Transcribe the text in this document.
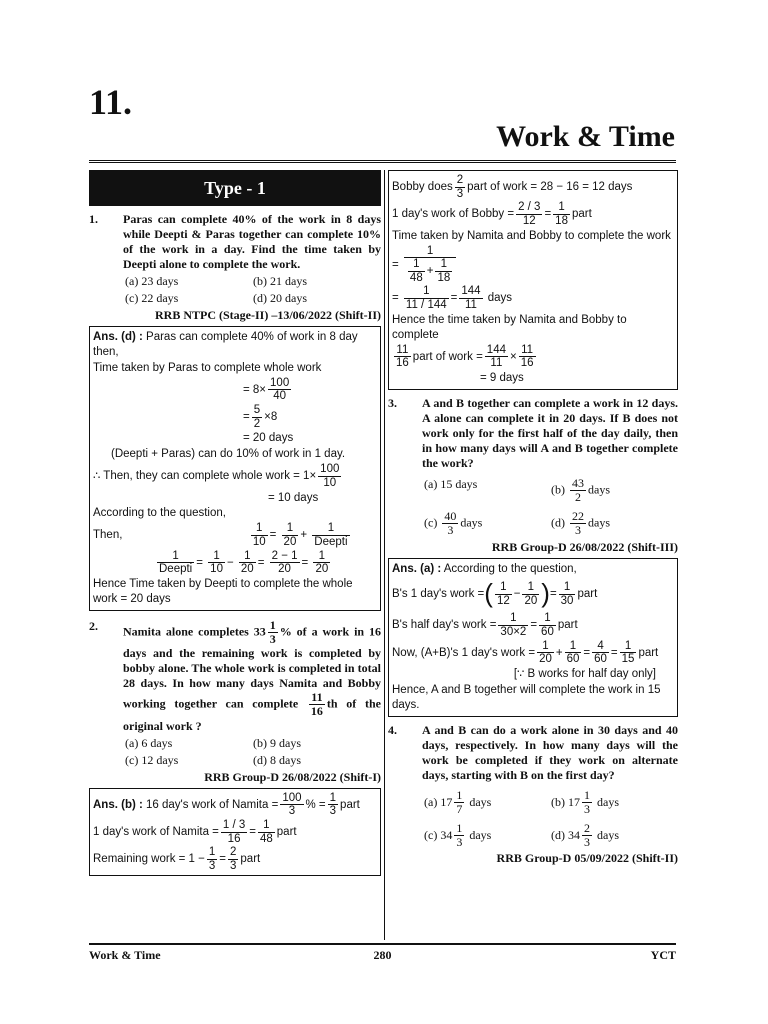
11.
Work & Time
Type - 1
1.	Paras can complete 40% of the work in 8 days while Deepti & Paras together can complete 10% of the work in a day. Find the time taken by Deepti alone to complete the work.
(a) 23 days	(b) 21 days
(c) 22 days	(d) 20 days
RRB NTPC (Stage-II) –13/06/2022 (Shift-II)
Ans. (d) : Paras can complete 40% of work in 8 day then,
Time taken by Paras to complete whole work
= $8\times \frac{100}{40}$
= $\frac{5}{2} \times 8$
= 20 days
(Deepti + Paras) can do 10% of work in 1 day.
∴ Then, they can complete whole work = $1\times \frac{100}{10}$
= 10 days
According to the question,
Then,	$\frac{1}{10} = \frac{1}{20} + \frac{1}{\text{Deepti}}$
$\frac{1}{\text{Deepti}} = \frac{1}{10} - \frac{1}{20} = \frac{2 - 1}{20} = \frac{1}{20}$
Hence Time taken by Deepti to complete the whole work = 20 days
2.	Namita alone completes $33 \frac{1}{3}$ % of a work in 16 days and the remaining work is completed by bobby alone. The whole work is completed in total 28 days. In how many days Namita and Bobby working together can complete $\frac{11}{16}$ th of the original work ?
(a) 6 days	(b) 9 days
(c) 12 days	(d) 8 days
RRB Group-D 26/08/2022 (Shift-I)
Ans. (b) : 16 day's work of Namita = $\frac{100}{3}$ % = $\frac{1}{3}$ part
1 day's work of Namita = $\frac{1 / 3}{16} = \frac{1}{48}$ part
Remaining work = $1 - \frac{1}{3} = \frac{2}{3}$ part
Bobby does $\frac{2}{3}$ part of work = 28 − 16 = 12 days
1 day's work of Bobby = $\frac{2 / 3}{12} = \frac{1}{18}$ part
Time taken by Namita and Bobby to complete the work
= $\frac{1}{\frac{1}{48} + \frac{1}{18}}$
= $\frac{1}{11 / 144} = \frac{144}{11}$ days
Hence the time taken by Namita and Bobby to complete
$\frac{11}{16}$ part of work = $\frac{144}{11} \times \frac{11}{16}$
= 9 days
3.	A and B together can complete a work in 12 days. A alone can complete it in 20 days. If B does not work only for the first half of the day daily, then in how many days will A and B together complete the work?
(a) 15 days	$(b) \frac{43}{2}$ days
$(c) \frac{40}{3}$ days	$(d) \frac{22}{3}$ days
RRB Group-D 26/08/2022 (Shift-III)
Ans. (a) : According to the question,
B's 1 day's work =( $\frac{1}{12} - \frac{1}{20}$ )= $\frac{1}{30}$ part
B's half day's work = $\frac{1}{30\times 2} = \frac{1}{60}$ part
Now, (A+B)'s 1 day's work = $\frac{1}{20} + \frac{1}{60} = \frac{4}{60} = \frac{1}{15}$ part
[∵ B works for half day only]
Hence, A and B together will complete the work in 15 days.
4.	A and B can do a work alone in 30 days and 40 days, respectively. In how many days will the work be completed if they work on alternate days, starting with B on the first day?
(a) $17 \frac{1}{7}$ days	(b) $17 \frac{1}{3}$ days
(c) $34 \frac{1}{3}$ days	(d) $34 \frac{2}{3}$ days
RRB Group-D 05/09/2022 (Shift-II)
Work & Time	280	YCT
